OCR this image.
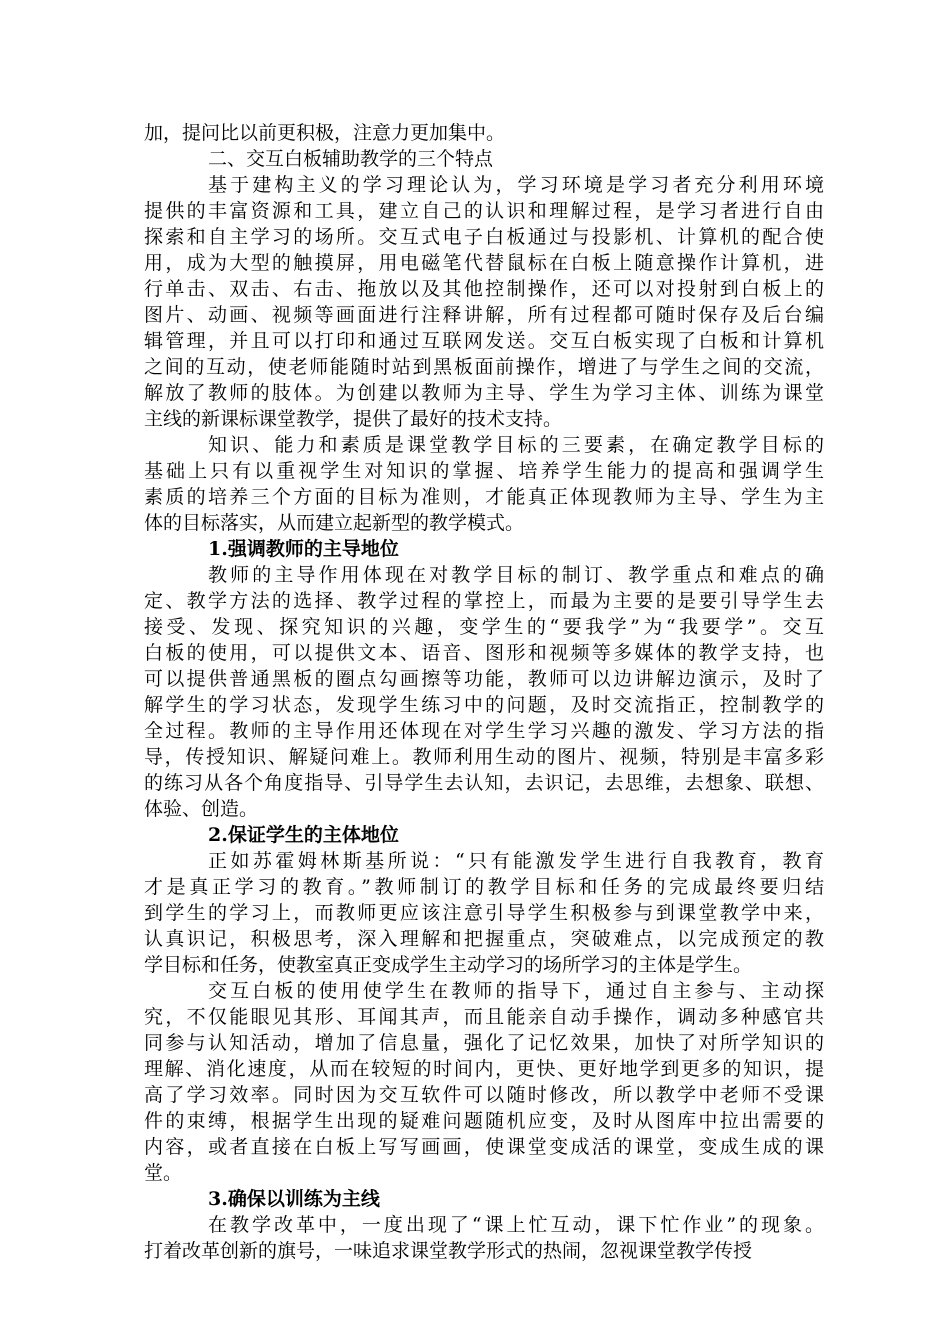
加，提问比以前更积极，注意力更加集中。
二、交互白板辅助教学的三个特点
基于建构主义的学习理论认为，学习环境是学习者充分利用环境
提供的丰富资源和工具，建立自己的认识和理解过程，是学习者进行自由
探索和自主学习的场所。交互式电子白板通过与投影机、计算机的配合使
用，成为大型的触摸屏，用电磁笔代替鼠标在白板上随意操作计算机，进
行单击、双击、右击、拖放以及其他控制操作，还可以对投射到白板上的
图片、动画、视频等画面进行注释讲解，所有过程都可随时保存及后台编
辑管理，并且可以打印和通过互联网发送。交互白板实现了白板和计算机
之间的互动，使老师能随时站到黑板面前操作，增进了与学生之间的交流，
解放了教师的肢体。为创建以教师为主导、学生为学习主体、训练为课堂
主线的新课标课堂教学，提供了最好的技术支持。
知识、能力和素质是课堂教学目标的三要素，在确定教学目标的
基础上只有以重视学生对知识的掌握、培养学生能力的提高和强调学生
素质的培养三个方面的目标为准则，才能真正体现教师为主导、学生为主
体的目标落实，从而建立起新型的教学模式。
1.强调教师的主导地位
教师的主导作用体现在对教学目标的制订、教学重点和难点的确
定、教学方法的选择、教学过程的掌控上，而最为主要的是要引导学生去
接受、发现、探究知识的兴趣，变学生的“要我学”为“我要学”。交互
白板的使用，可以提供文本、语音、图形和视频等多媒体的教学支持，也
可以提供普通黑板的圈点勾画擦等功能，教师可以边讲解边演示，及时了
解学生的学习状态，发现学生练习中的问题，及时交流指正，控制教学的
全过程。教师的主导作用还体现在对学生学习兴趣的激发、学习方法的指
导，传授知识、解疑问难上。教师利用生动的图片、视频，特别是丰富多彩
的练习从各个角度指导、引导学生去认知，去识记，去思维，去想象、联想、
体验、创造。
2.保证学生的主体地位
正如苏霍姆林斯基所说：“只有能激发学生进行自我教育，教育
才是真正学习的教育。”教师制订的教学目标和任务的完成最终要归结
到学生的学习上，而教师更应该注意引导学生积极参与到课堂教学中来，
认真识记，积极思考，深入理解和把握重点，突破难点，以完成预定的教
学目标和任务，使教室真正变成学生主动学习的场所学习的主体是学生。
交互白板的使用使学生在教师的指导下，通过自主参与、主动探
究，不仅能眼见其形、耳闻其声，而且能亲自动手操作，调动多种感官共
同参与认知活动，增加了信息量，强化了记忆效果，加快了对所学知识的
理解、消化速度，从而在较短的时间内，更快、更好地学到更多的知识，提
高了学习效率。同时因为交互软件可以随时修改，所以教学中老师不受课
件的束缚，根据学生出现的疑难问题随机应变，及时从图库中拉出需要的
内容，或者直接在白板上写写画画，使课堂变成活的课堂，变成生成的课
堂。
3.确保以训练为主线
在教学改革中，一度出现了“课上忙互动，课下忙作业”的现象。
打着改革创新的旗号，一味追求课堂教学形式的热闹，忽视课堂教学传授
